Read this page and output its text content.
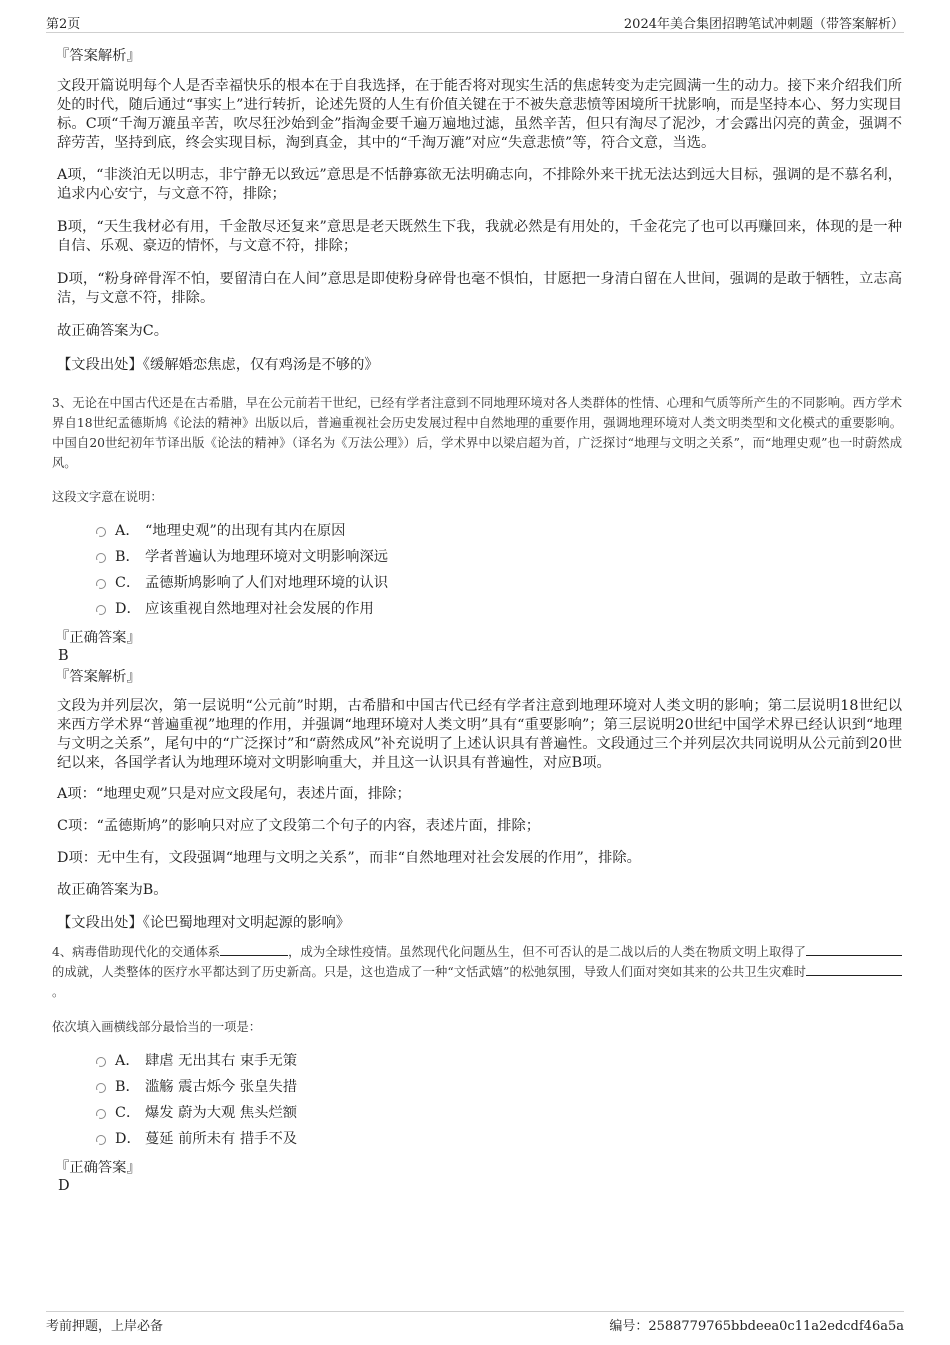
第2页	2024年美合集团招聘笔试冲刺题（带答案解析）
『答案解析』
文段开篇说明每个人是否幸福快乐的根本在于自我选择，在于能否将对现实生活的焦虑转变为走完圆满一生的动力。接下来介绍我们所处的时代，随后通过“事实上”进行转折，论述先贤的人生有价值关键在于不被失意悲愤等困境所干扰影响，而是坚持本心、努力实现目标。C项“千淘万漉虽辛苦，吹尽狂沙始到金”指淘金要千遍万遍地过滤，虽然辛苦，但只有淘尽了泥沙，才会露出闪亮的黄金，强调不辞劳苦，坚持到底，终会实现目标，淘到真金，其中的“千淘万漉”对应“失意悲愤”等，符合文意，当选。
A项，“非淡泊无以明志，非宁静无以致远”意思是不恬静寡欲无法明确志向，不排除外来干扰无法达到远大目标，强调的是不慕名利，追求内心安宁，与文意不符，排除；
B项，“天生我材必有用，千金散尽还复来”意思是老天既然生下我，我就必然是有用处的，千金花完了也可以再赚回来，体现的是一种自信、乐观、豪迈的情怀，与文意不符，排除；
D项，“粉身碎骨浑不怕，要留清白在人间”意思是即使粉身碎骨也毫不惧怕，甘愿把一身清白留在人世间，强调的是敢于牺牲，立志高洁，与文意不符，排除。
故正确答案为C。
【文段出处】《缓解婚恋焦虑，仅有鸡汤是不够的》
3、无论在中国古代还是在古希腊，早在公元前若干世纪，已经有学者注意到不同地理环境对各人类群体的性情、心理和气质等所产生的不同影响。西方学术界自18世纪孟德斯鸠《论法的精神》出版以后，普遍重视社会历史发展过程中自然地理的重要作用，强调地理环境对人类文明类型和文化模式的重要影响。中国自20世纪初年节译出版《论法的精神》（译名为《万法公理》）后，学术界中以梁启超为首，广泛探讨“地理与文明之关系”，而“地理史观”也一时蔚然成风。
这段文字意在说明：
A． “地理史观”的出现有其内在原因
B． 学者普遍认为地理环境对文明影响深远
C． 孟德斯鸠影响了人们对地理环境的认识
D． 应该重视自然地理对社会发展的作用
『正确答案』
B
『答案解析』
文段为并列层次，第一层说明“公元前”时期，古希腊和中国古代已经有学者注意到地理环境对人类文明的影响；第二层说明18世纪以来西方学术界“普遍重视”地理的作用，并强调“地理环境对人类文明”具有“重要影响”；第三层说明20世纪中国学术界已经认识到“地理与文明之关系”，尾句中的“广泛探讨”和“蔚然成风”补充说明了上述认识具有普遍性。文段通过三个并列层次共同说明从公元前到20世纪以来，各国学者认为地理环境对文明影响重大，并且这一认识具有普遍性，对应B项。
A项：“地理史观”只是对应文段尾句，表述片面，排除；
C项：“孟德斯鸠”的影响只对应了文段第二个句子的内容，表述片面，排除；
D项：无中生有，文段强调“地理与文明之关系”，而非“自然地理对社会发展的作用”，排除。
故正确答案为B。
【文段出处】《论巴蜀地理对文明起源的影响》
4、病毒借助现代化的交通体系	，成为全球性疫情。虽然现代化问题丛生，但不可否认的是二战以后的人类在物质文明上取得了的成就，人类整体的医疗水平都达到了历史新高。只是，这也造成了一种“文恬武嬉”的松弛氛围，导致人们面对突如其来的公共卫生灾难时。
依次填入画横线部分最恰当的一项是：
A． 肆虐 无出其右 束手无策
B． 滥觞 震古烁今 张皇失措
C． 爆发 蔚为大观 焦头烂额
D． 蔓延 前所未有 措手不及
『正确答案』
D
考前押题，上岸必备	编号：2588779765bbdeea0c11a2edcdf46a5a
